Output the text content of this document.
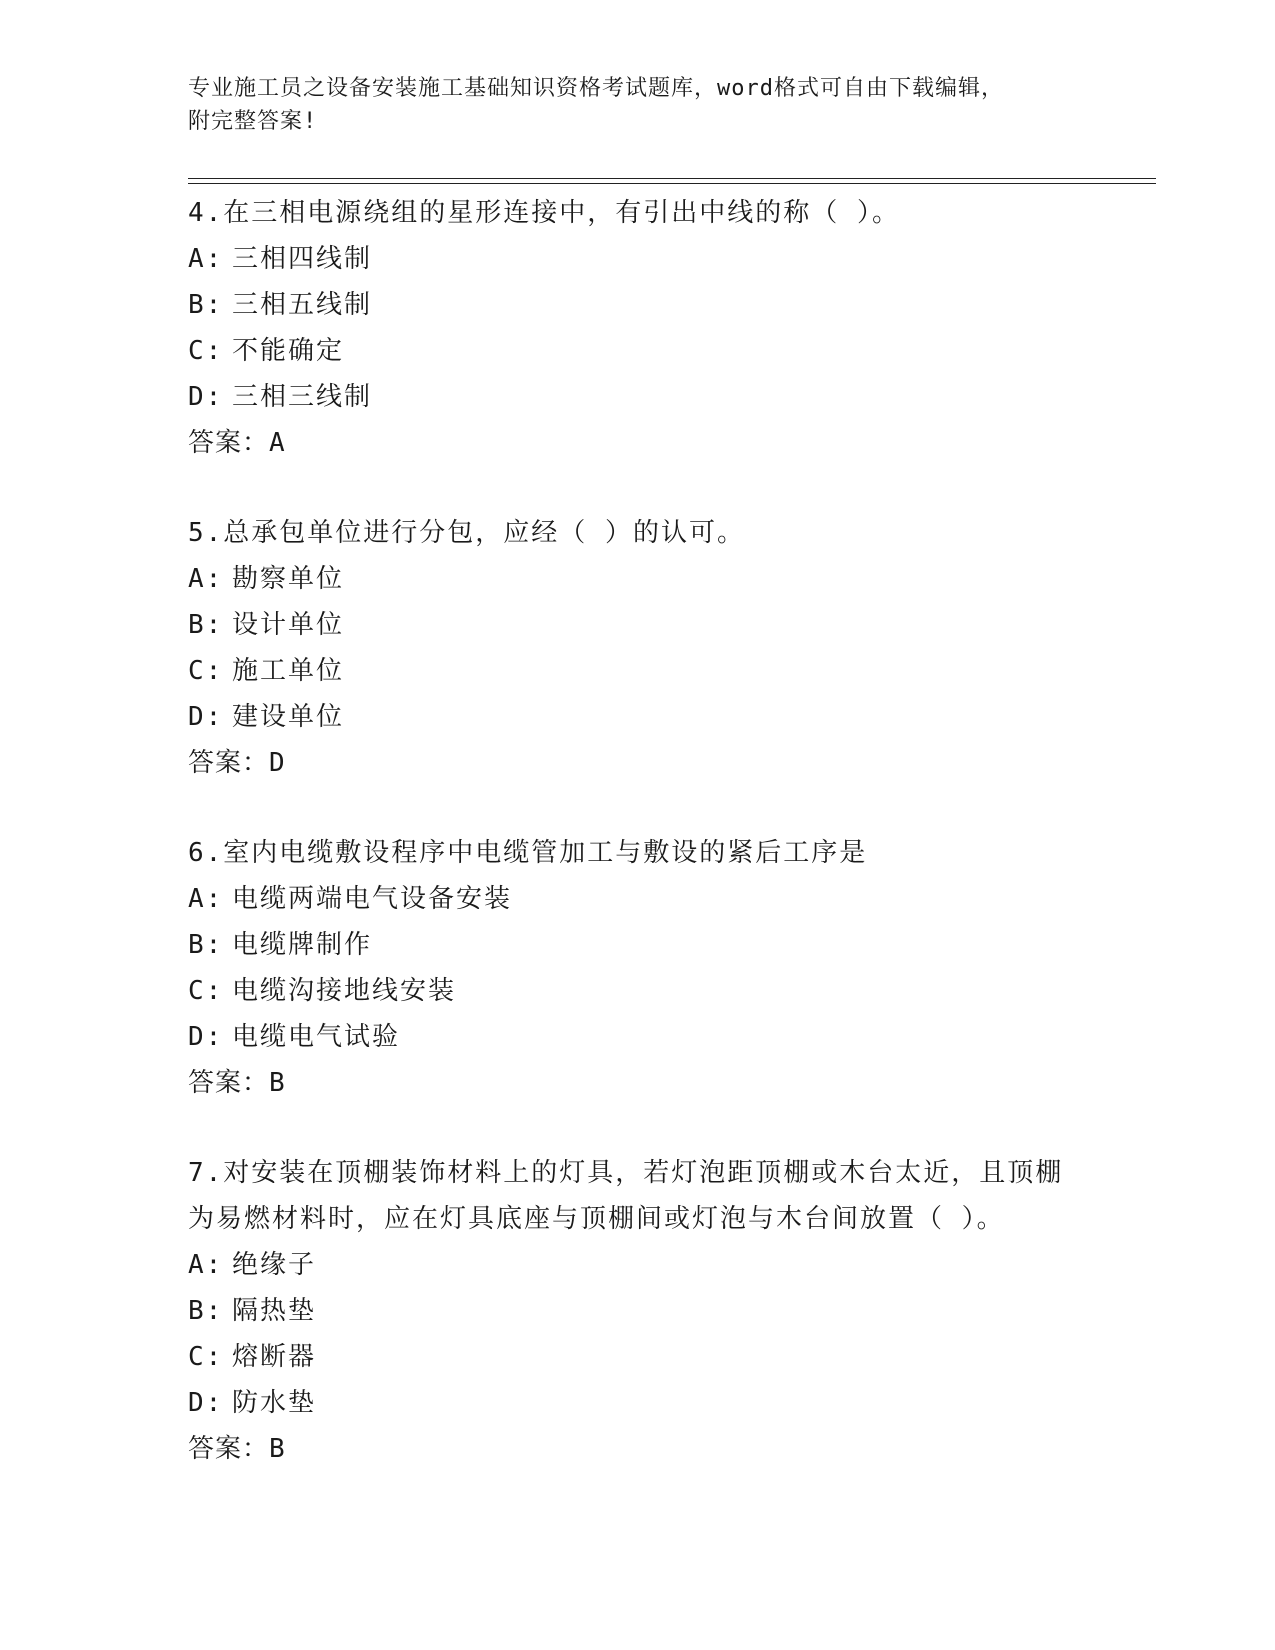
专业施工员之设备安装施工基础知识资格考试题库，word格式可自由下载编辑，
附完整答案!
4.在三相电源绕组的星形连接中，有引出中线的称（ ）。
A: 三相四线制
B: 三相五线制
C: 不能确定
D: 三相三线制
答案：A
5.总承包单位进行分包，应经（ ）的认可。
A: 勘察单位
B: 设计单位
C: 施工单位
D: 建设单位
答案：D
6.室内电缆敷设程序中电缆管加工与敷设的紧后工序是
A: 电缆两端电气设备安装
B: 电缆牌制作
C: 电缆沟接地线安装
D: 电缆电气试验
答案：B
7.对安装在顶棚装饰材料上的灯具，若灯泡距顶棚或木台太近，且顶棚为易燃材料时，应在灯具底座与顶棚间或灯泡与木台间放置（ ）。
A: 绝缘子
B: 隔热垫
C: 熔断器
D: 防水垫
答案：B
